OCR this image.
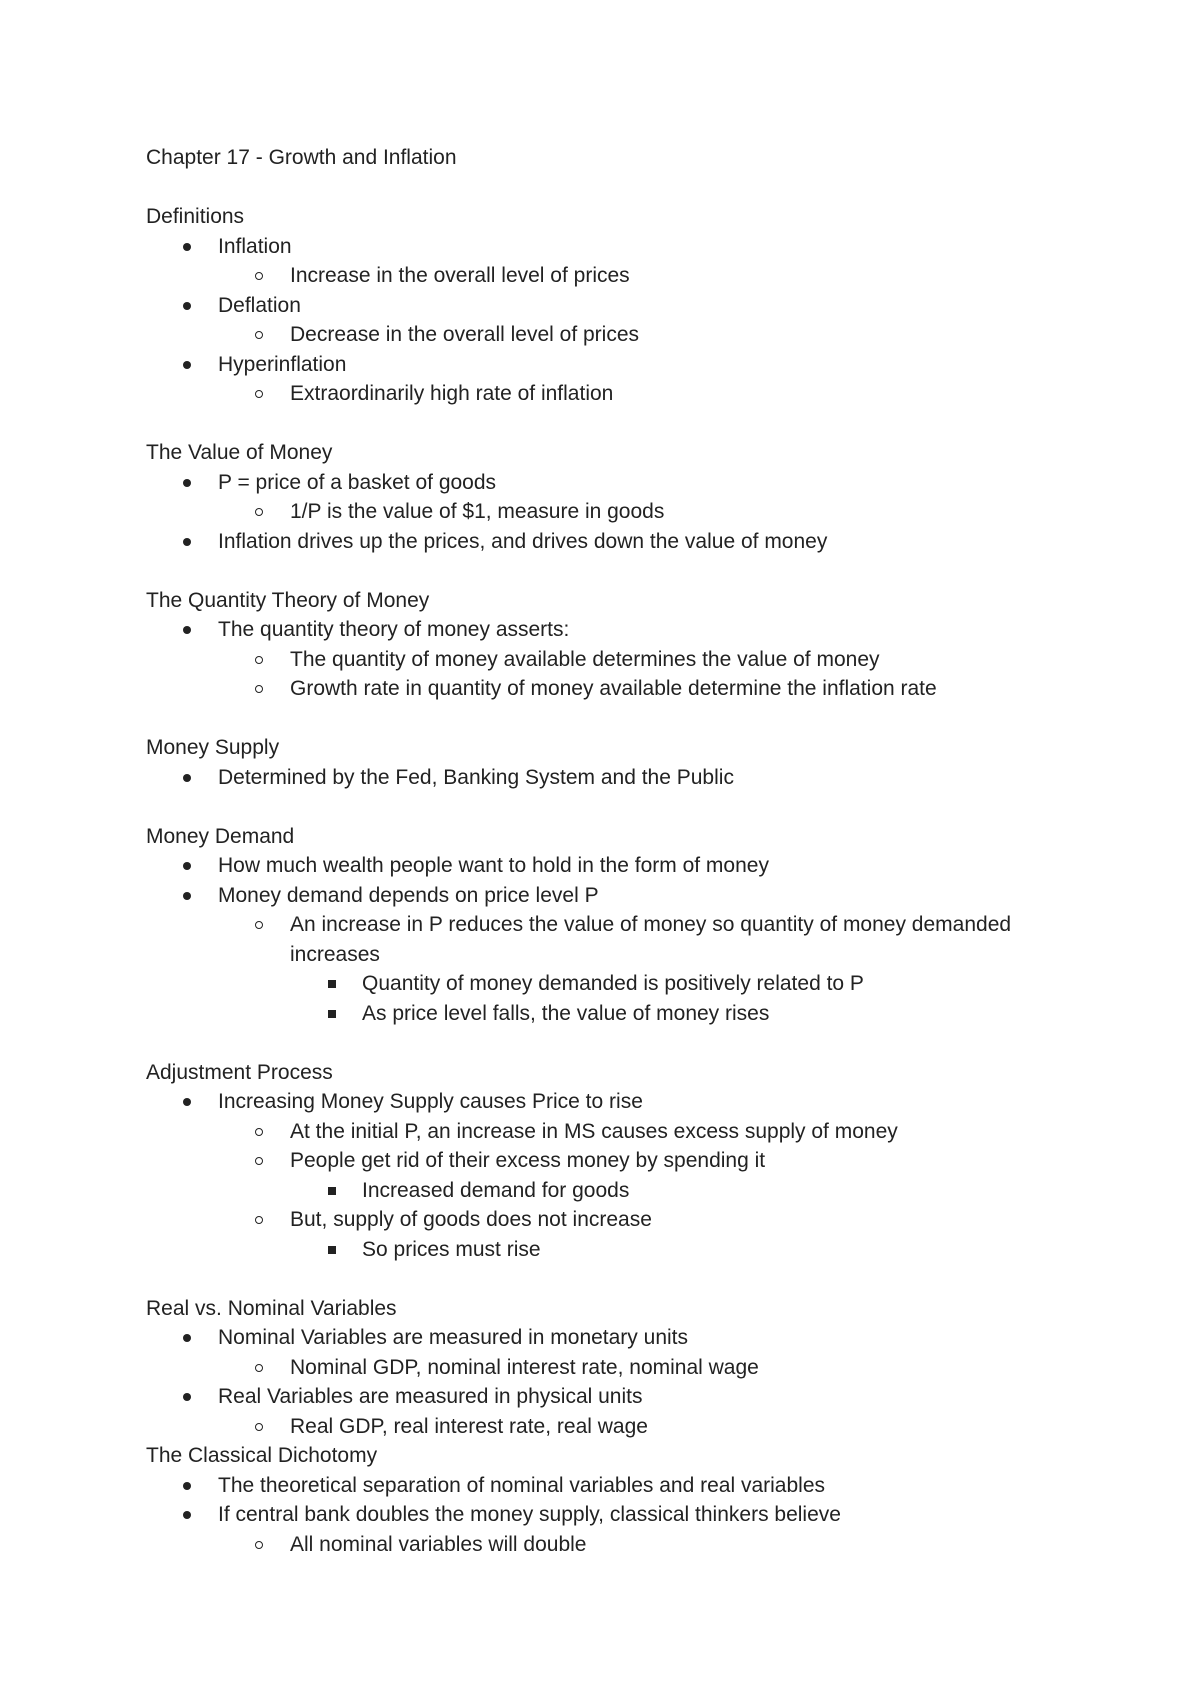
Chapter 17 - Growth and Inflation
Definitions
Inflation
Increase in the overall level of prices
Deflation
Decrease in the overall level of prices
Hyperinflation
Extraordinarily high rate of inflation
The Value of Money
P = price of a basket of goods
1/P is the value of $1, measure in goods
Inflation drives up the prices, and drives down the value of money
The Quantity Theory of Money
The quantity theory of money asserts:
The quantity of money available determines the value of money
Growth rate in quantity of money available determine the inflation rate
Money Supply
Determined by the Fed, Banking System and the Public
Money Demand
How much wealth people want to hold in the form of money
Money demand depends on price level P
An increase in P reduces the value of money so quantity of money demanded increases
Quantity of money demanded is positively related to P
As price level falls, the value of money rises
Adjustment Process
Increasing Money Supply causes Price to rise
At the initial P, an increase in MS causes excess supply of money
People get rid of their excess money by spending it
Increased demand for goods
But, supply of goods does not increase
So prices must rise
Real vs. Nominal Variables
Nominal Variables are measured in monetary units
Nominal GDP, nominal interest rate, nominal wage
Real Variables are measured in physical units
Real GDP, real interest rate, real wage
The Classical Dichotomy
The theoretical separation of nominal variables and real variables
If central bank doubles the money supply, classical thinkers believe
All nominal variables will double
